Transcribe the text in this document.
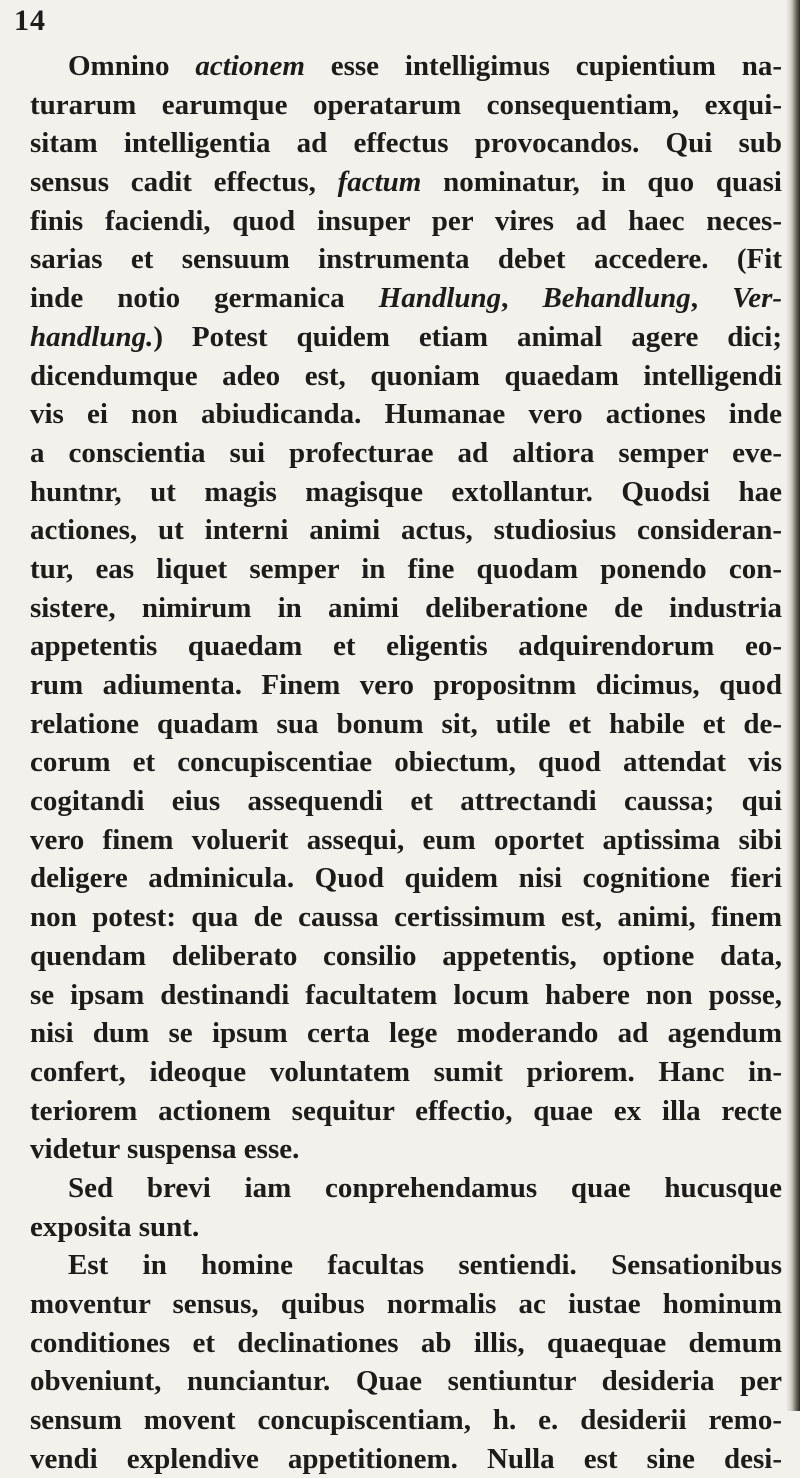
14
Omnino actionem esse intelligimus cupientium na-
turarum earumque operatarum consequentiam, exqui-
sitam intelligentia ad effectus provocandos. Qui sub
sensus cadit effectus, factum nominatur, in quo quasi
finis faciendi, quod insuper per vires ad haec neces-
sarias et sensuum instrumenta debet accedere. (Fit
inde notio germanica Handlung, Behandlung, Ver-
handlung.) Potest quidem etiam animal agere dici;
dicendumque adeo est, quoniam quaedam intelligendi
vis ei non abiudicanda. Humanae vero actiones inde
a conscientia sui profecturae ad altiora semper eve-
huntnr, ut magis magisque extollantur. Quodsi hae
actiones, ut interni animi actus, studiosius consideran-
tur, eas liquet semper in fine quodam ponendo con-
sistere, nimirum in animi deliberatione de industria
appetentis quaedam et eligentis adquirendorum eo-
rum adiumenta. Finem vero propositnm dicimus, quod
relatione quadam sua bonum sit, utile et habile et de-
corum et concupiscentiae obiectum, quod attendat vis
cogitandi eius assequendi et attrectandi caussa; qui
vero finem voluerit assequi, eum oportet aptissima sibi
deligere adminicula. Quod quidem nisi cognitione fieri
non potest: qua de caussa certissimum est, animi, finem
quendam deliberato consilio appetentis, optione data,
se ipsam destinandi facultatem locum habere non posse,
nisi dum se ipsum certa lege moderando ad agendum
confert, ideoque voluntatem sumit priorem. Hanc in-
teriorem actionem sequitur effectio, quae ex illa recte
videtur suspensa esse.
Sed brevi iam conprehendamus quae hucusque
exposita sunt.
Est in homine facultas sentiendi. Sensationibus
moventur sensus, quibus normalis ac iustae hominum
conditiones et declinationes ab illis, quaequae demum
obveniunt, nunciantur. Quae sentiuntur desideria per
sensum movent concupiscentiam, h. e. desiderii remo-
vendi explendive appetitionem. Nulla est sine desi-
